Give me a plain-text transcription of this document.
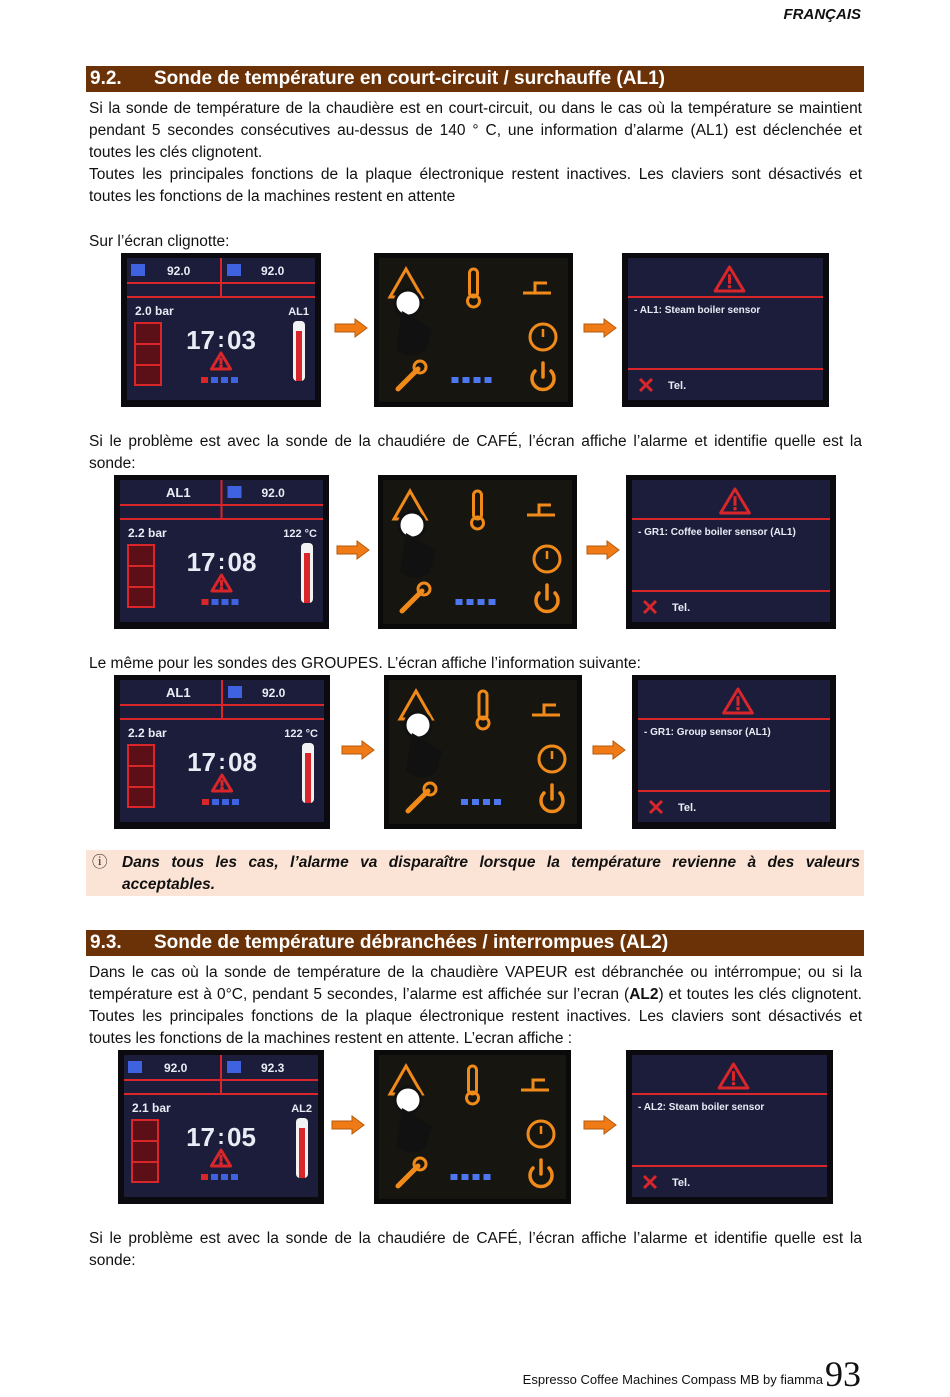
FRANÇAIS
9.2. Sonde de température en court-circuit / surchauffe (AL1)

Si la sonde de température de la chaudière est en court-circuit, ou dans le cas où la température se maintient pendant 5 secondes consécutives au-dessus de 140 ° C, une information d’alarme (AL1) est déclenchée et toutes les clés clignotent.

Toutes les principales fonctions de la plaque électronique restent inactives. Les claviers sont désactivés et toutes les fonctions de la machines restent en attente

Sur l’écran clignotte:
92.0	92.0
2.0 bar	AL1
17 : 03
- AL1: Steam boiler sensor
Tel.
Si le problème est avec la sonde de la chaudiére de CAFÉ, l’écran affiche l’alarme et identifie quelle est la sonde:
AL1	92.0
2.2 bar	122 °C
17 : 08
- GR1: Coffee boiler sensor (AL1)
Tel.
Le même pour les sondes des GROUPES. L’écran affiche l’information suivante:
AL1	92.0
2.2 bar	122 °C
17 : 08
- GR1: Group sensor (AL1)
Tel.
ⓘ Dans tous les cas, l’alarme va disparaître lorsque la température revienne à des valeurs acceptables.
9.3. Sonde de température débranchées / interrompues (AL2)
Dans le cas où la sonde de température de la chaudière VAPEUR est débranchée ou intérrompue; ou si la température est à 0°C, pendant 5 secondes, l’alarme est affichée sur l’ecran (AL2) et toutes les clés clignotent. Toutes les principales fonctions de la plaque électronique restent inactives. Les claviers sont désactivés et toutes les fonctions de la machines restent en attente. L’ecran affiche :
92.0	92.3
2.1 bar	AL2
17 : 05
- AL2: Steam boiler sensor
Tel.
Si le problème est avec la sonde de la chaudiére de CAFÉ, l’écran affiche l’alarme et identifie quelle est la sonde:
Espresso Coffee Machines Compass MB by fiamma93
